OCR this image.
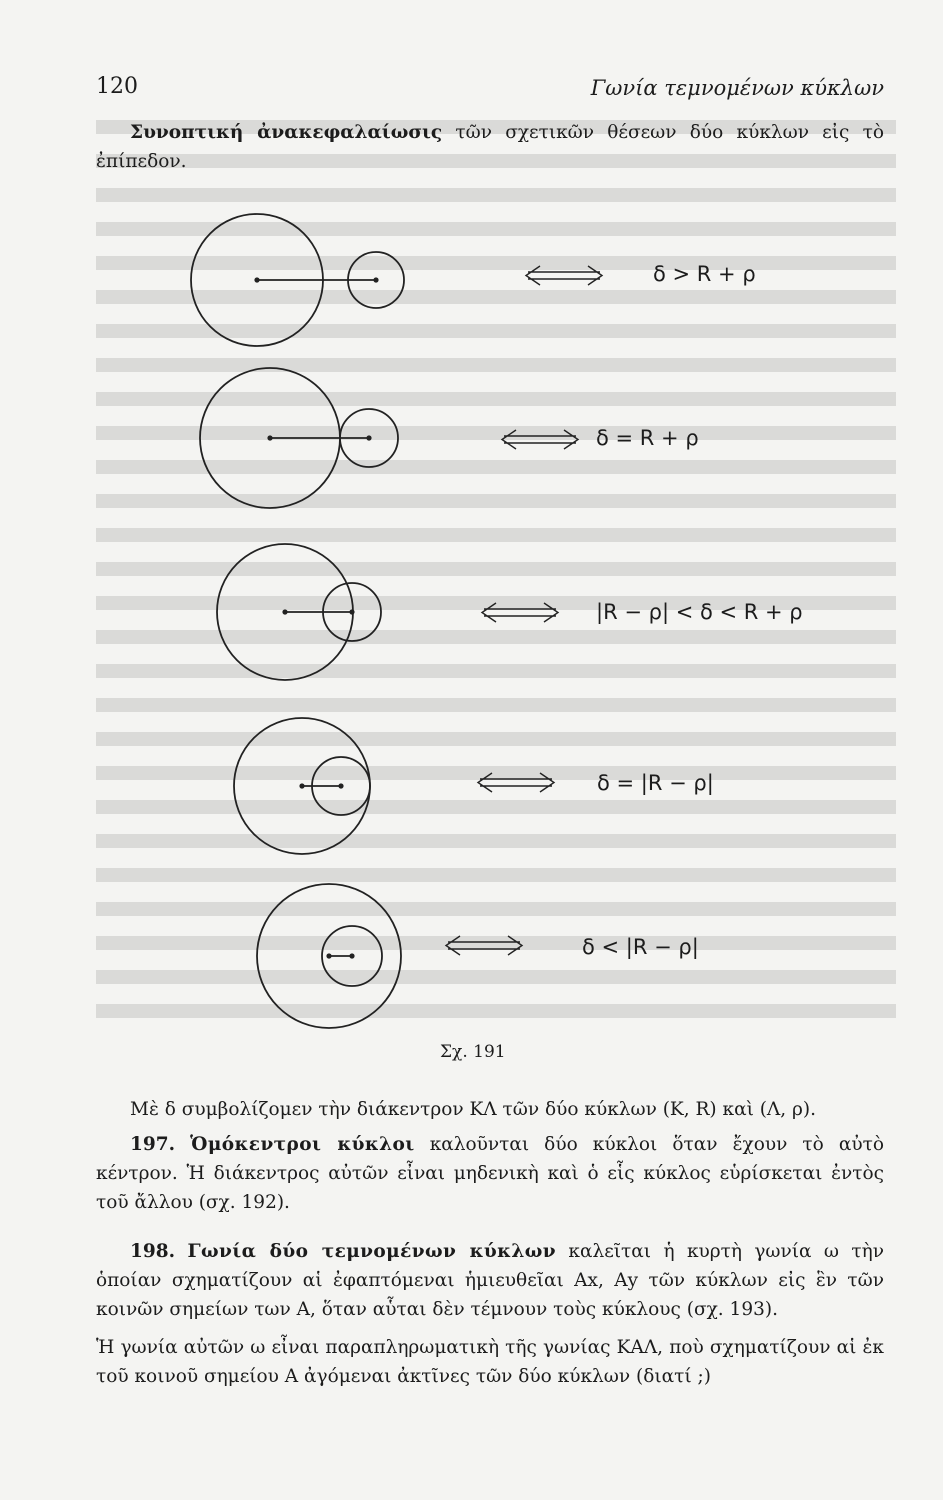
120	Γωνία τεμνομένων κύκλων

Συνοπτική ἀνακεφαλαίωσις τῶν σχετικῶν θέσεων δύο κύκλων εἰς τὸ ἐπίπεδον.

δ > R + ρ
δ = R + ρ
|R − ρ| < δ < R + ρ
δ = |R − ρ|
δ < |R − ρ|
Σχ. 191

Μὲ δ συμβολίζομεν τὴν διάκεντρον ΚΛ τῶν δύο κύκλων (Κ, R) καὶ (Λ, ρ).

197. Ὁμόκεντροι κύκλοι καλοῦνται δύο κύκλοι ὅταν ἔχουν τὸ αὐτὸ κέντρον. Ἡ διάκεντρος αὐτῶν εἶναι μηδενικὴ καὶ ὁ εἷς κύκλος εὑρίσκεται ἐντὸς τοῦ ἄλλου (σχ. 192).

198. Γωνία δύο τεμνομένων κύκλων καλεῖται ἡ κυρτὴ γωνία ω τὴν ὁποίαν σχηματίζουν αἱ ἐφαπτόμεναι ἡμιευθεῖαι Αx, Αy τῶν κύκλων εἰς ἓν τῶν κοινῶν σημείων των Α, ὅταν αὗται δὲν τέμνουν τοὺς κύκλους (σχ. 193).

Ἡ γωνία αὐτῶν ω εἶναι παραπληρωματικὴ τῆς γωνίας ΚΑΛ, ποὺ σχηματίζουν αἱ ἐκ τοῦ κοινοῦ σημείου Α ἀγόμεναι ἀκτῖνες τῶν δύο κύκλων (διατί ;)
